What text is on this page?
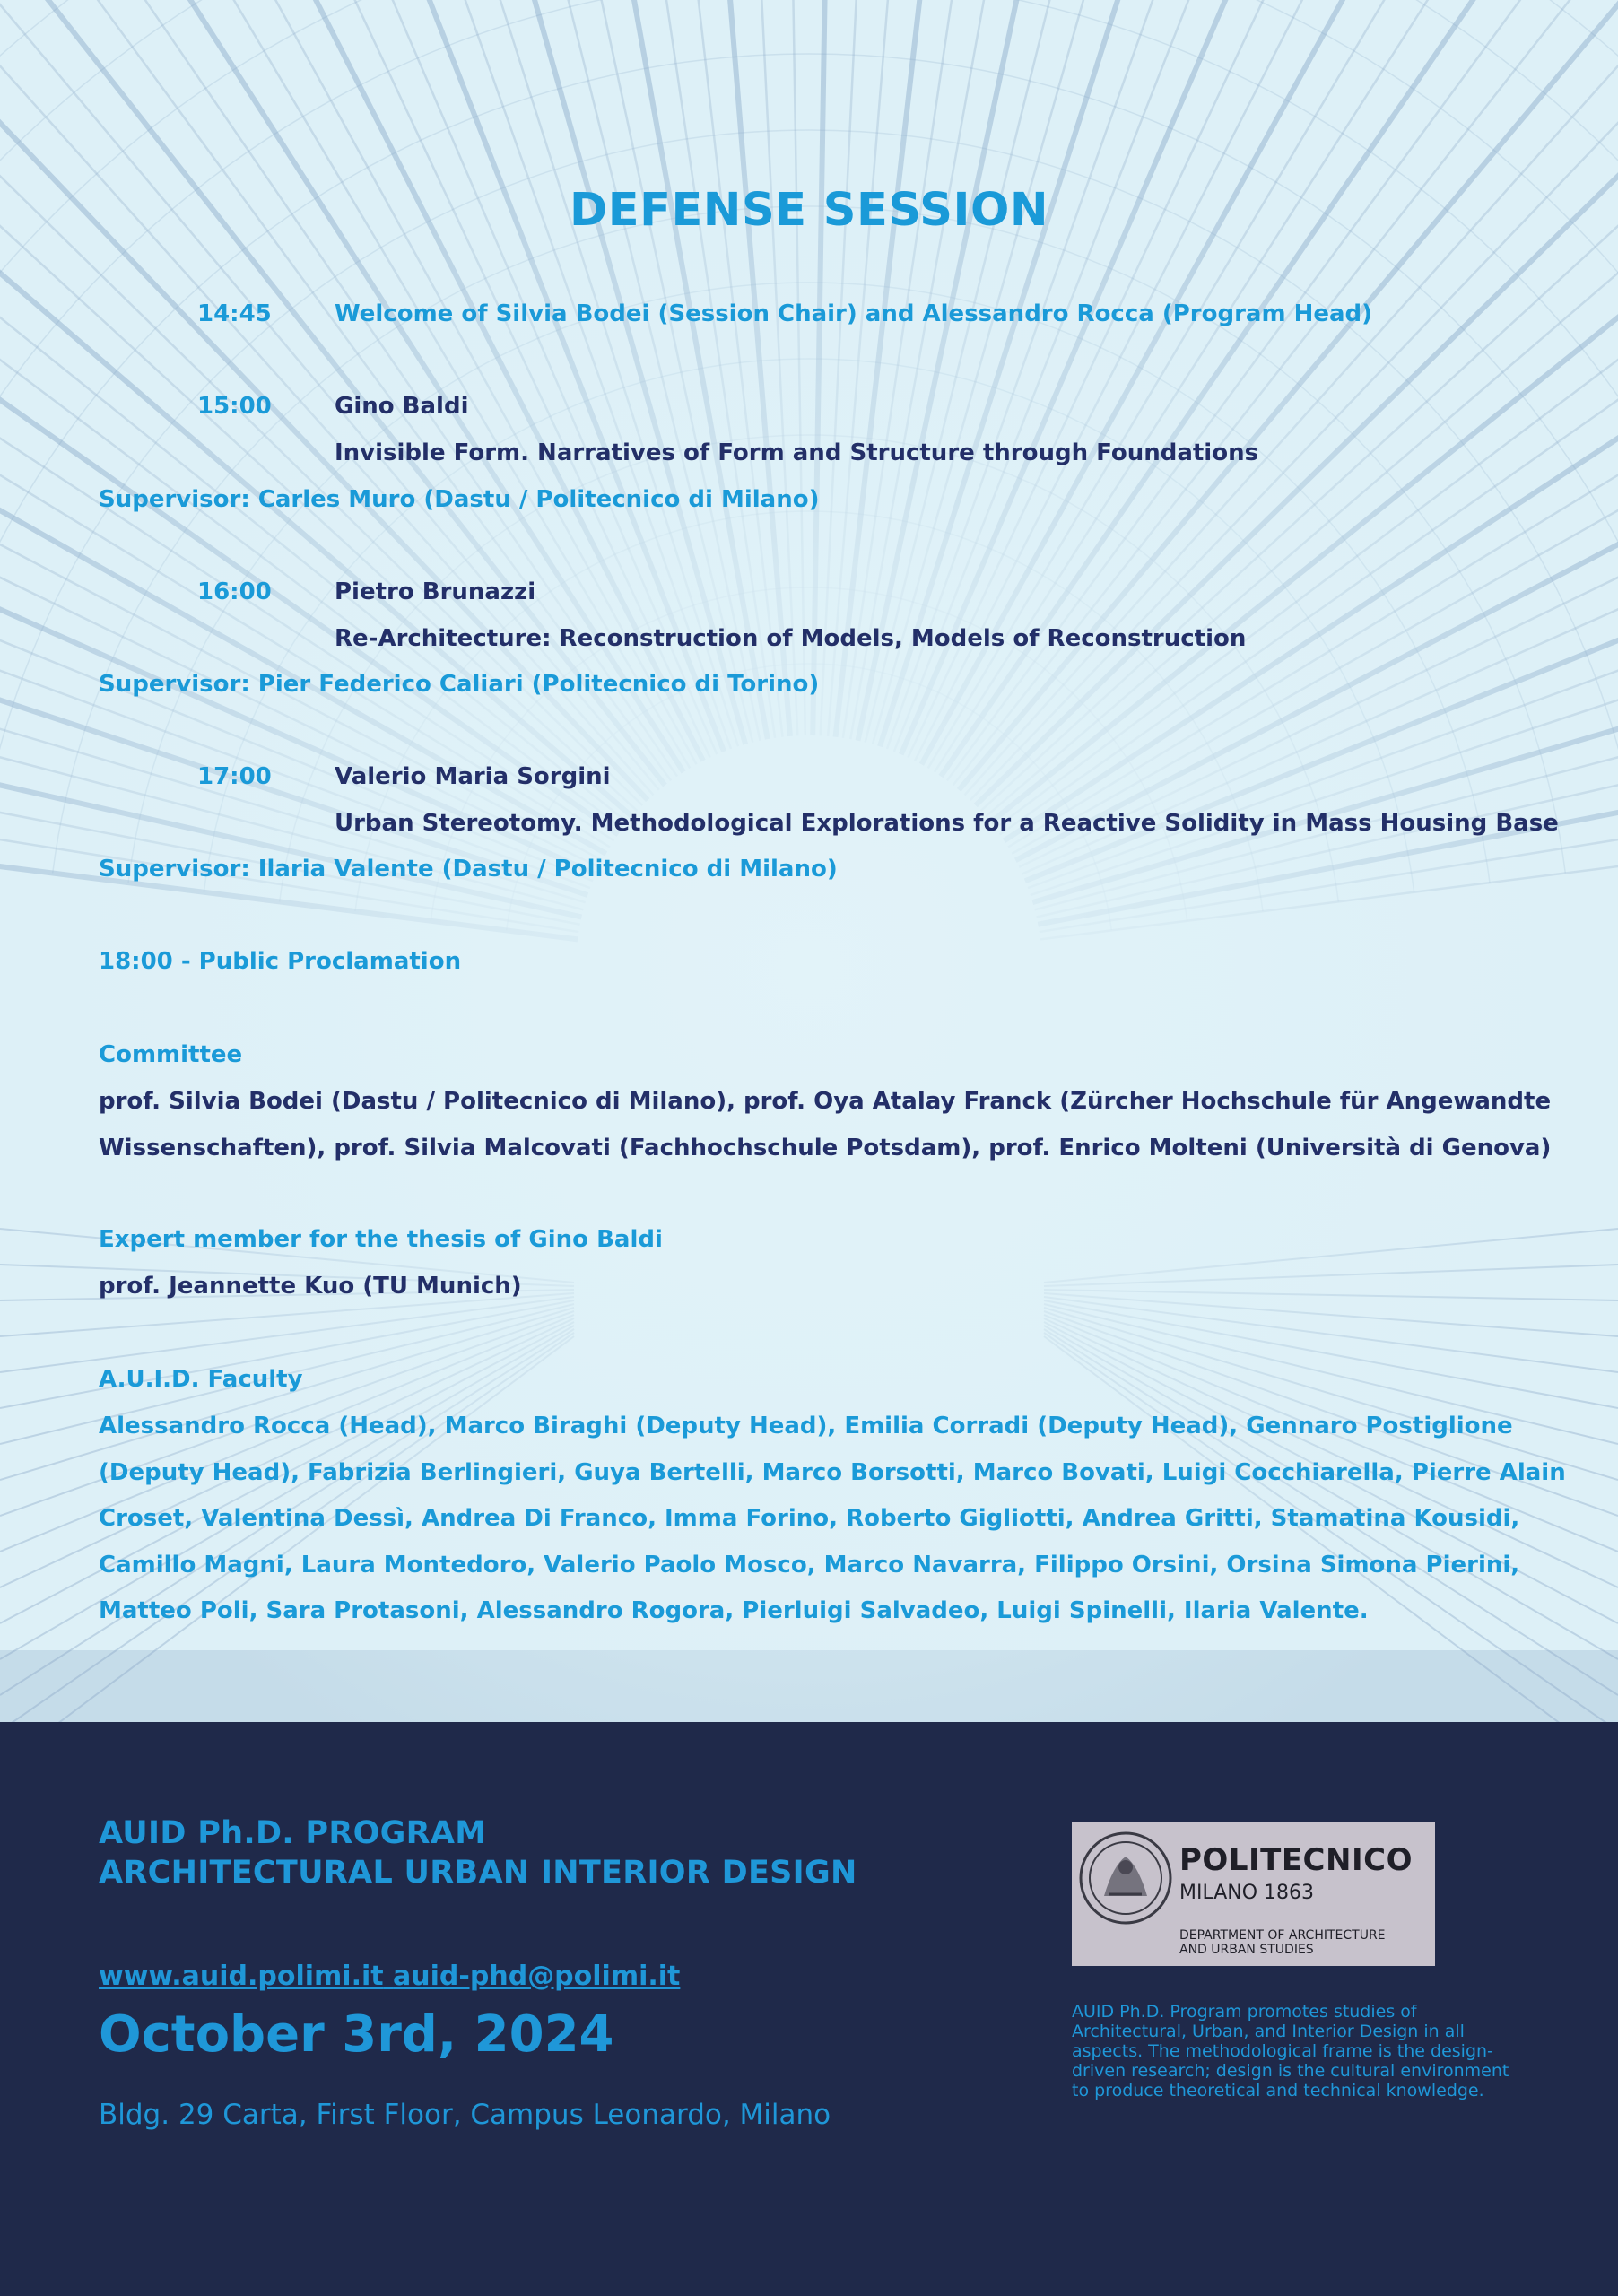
DEFENSE SESSION
14:45	Welcome of Silvia Bodei (Session Chair) and Alessandro Rocca (Program Head)
15:00	Gino Baldi
Invisible Form. Narratives of Form and Structure through Foundations
Supervisor: Carles Muro (Dastu / Politecnico di Milano)
16:00	Pietro Brunazzi
Re-Architecture: Reconstruction of Models, Models of Reconstruction
Supervisor: Pier Federico Caliari (Politecnico di Torino)
17:00	Valerio Maria Sorgini
Urban Stereotomy. Methodological Explorations for a Reactive Solidity in Mass Housing Base
Supervisor: Ilaria Valente (Dastu / Politecnico di Milano)
18:00 - Public Proclamation
Committee
prof. Silvia Bodei (Dastu / Politecnico di Milano), prof. Oya Atalay Franck (Zürcher Hochschule für Angewandte
Wissenschaften), prof. Silvia Malcovati (Fachhochschule Potsdam), prof. Enrico Molteni (Università di Genova)
Expert member for the thesis of Gino Baldi
prof. Jeannette Kuo (TU Munich)
A.U.I.D. Faculty
Alessandro Rocca (Head), Marco Biraghi (Deputy Head), Emilia Corradi (Deputy Head), Gennaro Postiglione
(Deputy Head), Fabrizia Berlingieri, Guya Bertelli, Marco Borsotti, Marco Bovati, Luigi Cocchiarella, Pierre Alain
Croset, Valentina Dessì, Andrea Di Franco, Imma Forino, Roberto Gigliotti, Andrea Gritti, Stamatina Kousidi,
Camillo Magni, Laura Montedoro, Valerio Paolo Mosco, Marco Navarra, Filippo Orsini, Orsina Simona Pierini,
Matteo Poli, Sara Protasoni, Alessandro Rogora, Pierluigi Salvadeo, Luigi Spinelli, Ilaria Valente.
AUID Ph.D. PROGRAM
ARCHITECTURAL URBAN INTERIOR DESIGN
www.auid.polimi.it auid-phd@polimi.it
October 3rd, 2024
Bldg. 29 Carta, First Floor, Campus Leonardo, Milano
POLITECNICO
MILANO 1863
DEPARTMENT OF ARCHITECTURE
AND URBAN STUDIES
AUID Ph.D. Program promotes studies of
Architectural, Urban, and Interior Design in all
aspects. The methodological frame is the design-
driven research; design is the cultural environment
to produce theoretical and technical knowledge.
